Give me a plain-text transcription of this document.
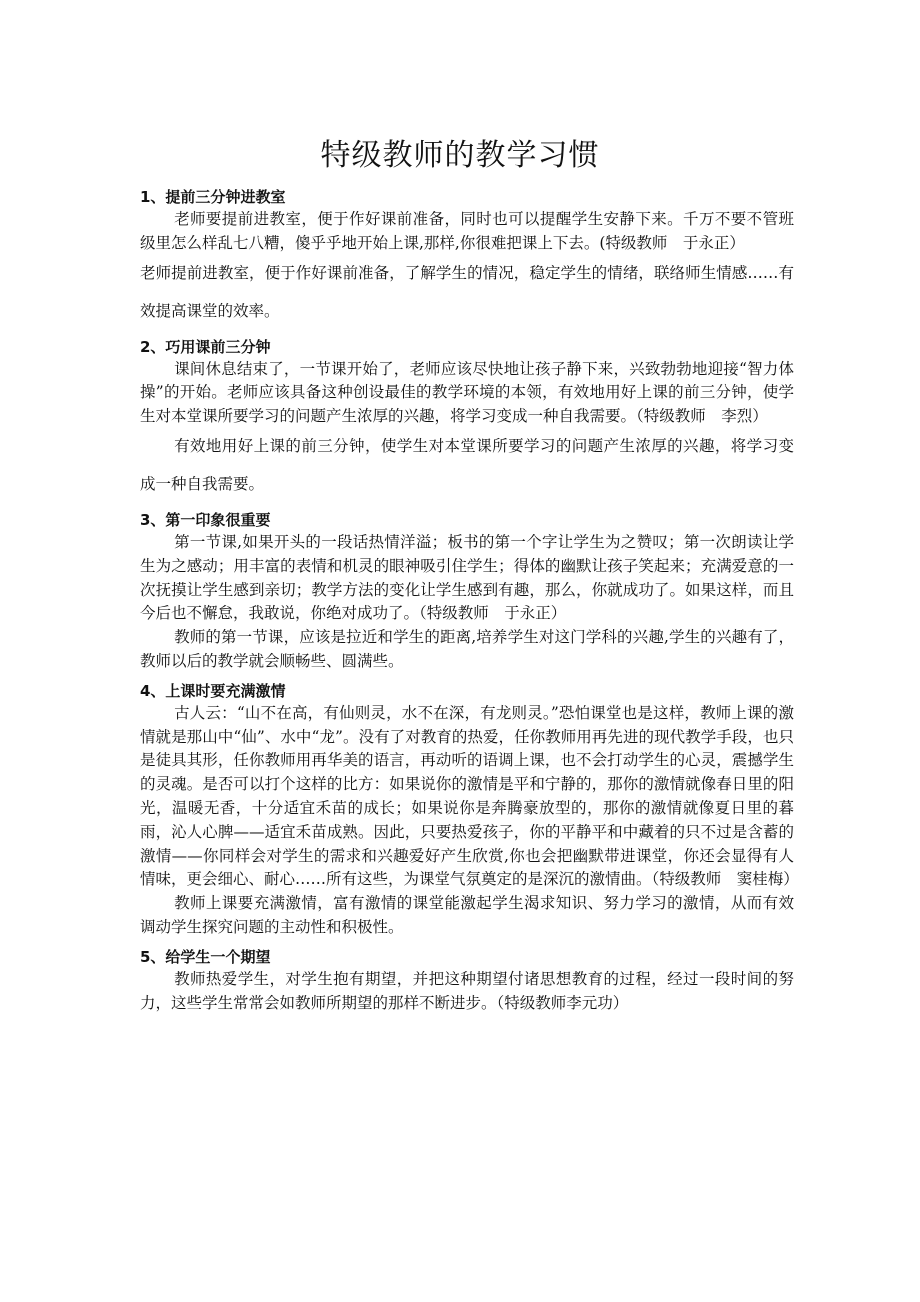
特级教师的教学习惯
1、提前三分钟进教室

老师要提前进教室，便于作好课前准备，同时也可以提醒学生安静下来。千万不要不管班级里怎么样乱七八糟，傻乎乎地开始上课,那样,你很难把课上下去。(特级教师　于永正）

老师提前进教室，便于作好课前准备，了解学生的情况，稳定学生的情绪，联络师生情感……有效提高课堂的效率。

2、巧用课前三分钟

课间休息结束了，一节课开始了，老师应该尽快地让孩子静下来，兴致勃勃地迎接“智力体操”的开始。老师应该具备这种创设最佳的教学环境的本领，有效地用好上课的前三分钟，使学生对本堂课所要学习的问题产生浓厚的兴趣，将学习变成一种自我需要。（特级教师　李烈）

有效地用好上课的前三分钟，使学生对本堂课所要学习的问题产生浓厚的兴趣，将学习变成一种自我需要。

3、第一印象很重要

第一节课,如果开头的一段话热情洋溢；板书的第一个字让学生为之赞叹；第一次朗读让学生为之感动；用丰富的表情和机灵的眼神吸引住学生；得体的幽默让孩子笑起来；充满爱意的一次抚摸让学生感到亲切；教学方法的变化让学生感到有趣，那么，你就成功了。如果这样，而且今后也不懈怠，我敢说，你绝对成功了。（特级教师　于永正）

教师的第一节课，应该是拉近和学生的距离,培养学生对这门学科的兴趣,学生的兴趣有了，教师以后的教学就会顺畅些、圆满些。

4、上课时要充满激情

古人云：“山不在高，有仙则灵，水不在深，有龙则灵。”恐怕课堂也是这样，教师上课的激情就是那山中“仙”、水中“龙”。没有了对教育的热爱，任你教师用再先进的现代教学手段，也只是徒具其形，任你教师用再华美的语言，再动听的语调上课，也不会打动学生的心灵，震撼学生的灵魂。是否可以打个这样的比方：如果说你的激情是平和宁静的，那你的激情就像春日里的阳光，温暖无香，十分适宜禾苗的成长；如果说你是奔腾豪放型的，那你的激情就像夏日里的暮雨，沁人心脾——适宜禾苗成熟。因此，只要热爱孩子，你的平静平和中藏着的只不过是含蓄的激情——你同样会对学生的需求和兴趣爱好产生欣赏,你也会把幽默带进课堂，你还会显得有人情味，更会细心、耐心……所有这些，为课堂气氛奠定的是深沉的激情曲。（特级教师　窦桂梅）

教师上课要充满激情，富有激情的课堂能激起学生渴求知识、努力学习的激情，从而有效调动学生探究问题的主动性和积极性。

5、给学生一个期望

教师热爱学生，对学生抱有期望，并把这种期望付诸思想教育的过程，经过一段时间的努力，这些学生常常会如教师所期望的那样不断进步。（特级教师李元功）
